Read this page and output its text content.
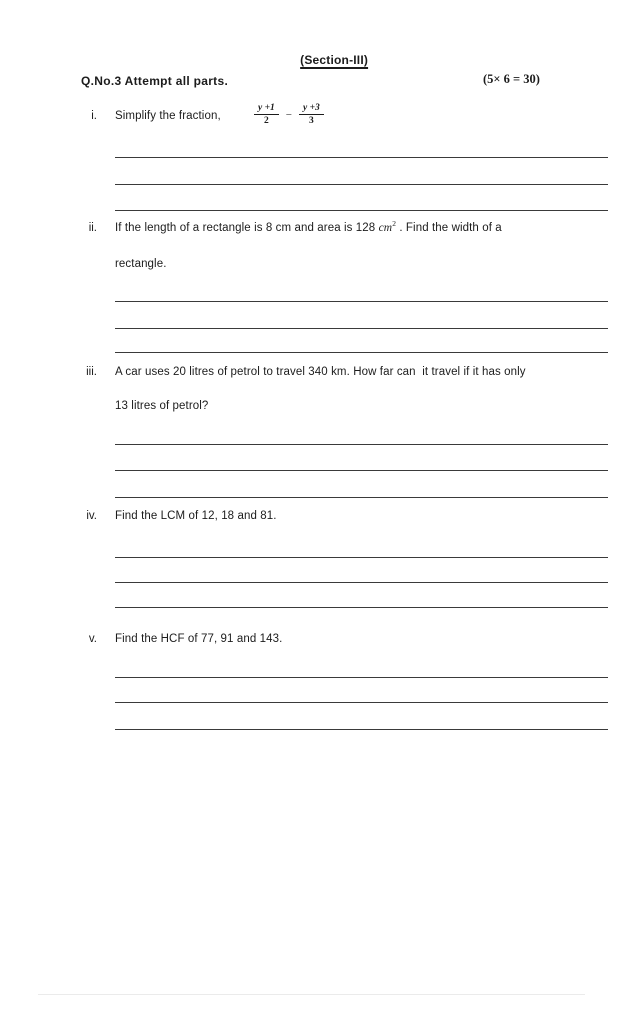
(Section-III)

Q.No.3 Attempt all parts.	(5× 6 = 30)
i. Simplify the fraction,	$\frac{y +1}{2} - \frac{y +3}{3}$
ii. If the length of a rectangle is 8 cm and area is 128 $cm^2$ . Find the width of a
rectangle.
iii. A car uses 20 litres of petrol to travel 340 km. How far can  it travel if it has only
13 litres of petrol?
iv. Find the LCM of 12, 18 and 81.
v. Find the HCF of 77, 91 and 143.
